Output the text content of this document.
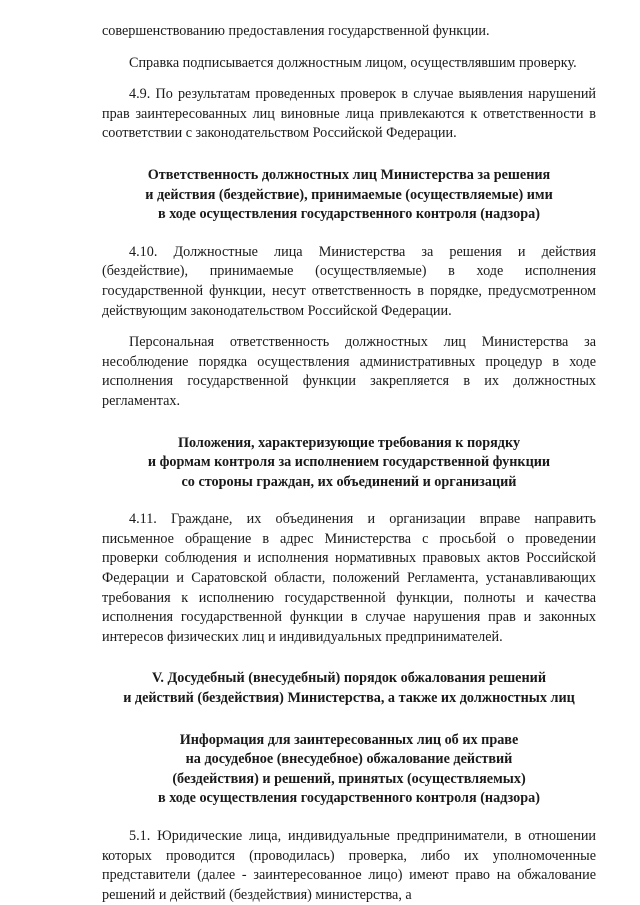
совершенствованию предоставления государственной функции.

Справка подписывается должностным лицом, осуществлявшим проверку.

4.9. По результатам проведенных проверок в случае выявления нарушений прав заинтересованных лиц виновные лица привлекаются к ответственности в соответствии с законодательством Российской Федерации.

Ответственность должностных лиц Министерства за решения
и действия (бездействие), принимаемые (осуществляемые) ими
в ходе осуществления государственного контроля (надзора)

4.10. Должностные лица Министерства за решения и действия (бездействие), принимаемые (осуществляемые) в ходе исполнения государственной функции, несут ответственность в порядке, предусмотренном действующим законодательством Российской Федерации.

Персональная ответственность должностных лиц Министерства за несоблюдение порядка осуществления административных процедур в ходе исполнения государственной функции закрепляется в их должностных регламентах.

Положения, характеризующие требования к порядку
и формам контроля за исполнением государственной функции
со стороны граждан, их объединений и организаций

4.11. Граждане, их объединения и организации вправе направить письменное обращение в адрес Министерства с просьбой о проведении проверки соблюдения и исполнения нормативных правовых актов Российской Федерации и Саратовской области, положений Регламента, устанавливающих требования к исполнению государственной функции, полноты и качества исполнения государственной функции в случае нарушения прав и законных интересов физических лиц и индивидуальных предпринимателей.

V. Досудебный (внесудебный) порядок обжалования решений
и действий (бездействия) Министерства, а также их должностных лиц
Информация для заинтересованных лиц об их праве
на досудебное (внесудебное) обжалование действий
(бездействия) и решений, принятых (осуществляемых)
в ходе осуществления государственного контроля (надзора)

5.1. Юридические лица, индивидуальные предприниматели, в отношении которых проводится (проводилась) проверка, либо их уполномоченные представители (далее - заинтересованное лицо) имеют право на обжалование решений и действий (бездействия) министерства, а
